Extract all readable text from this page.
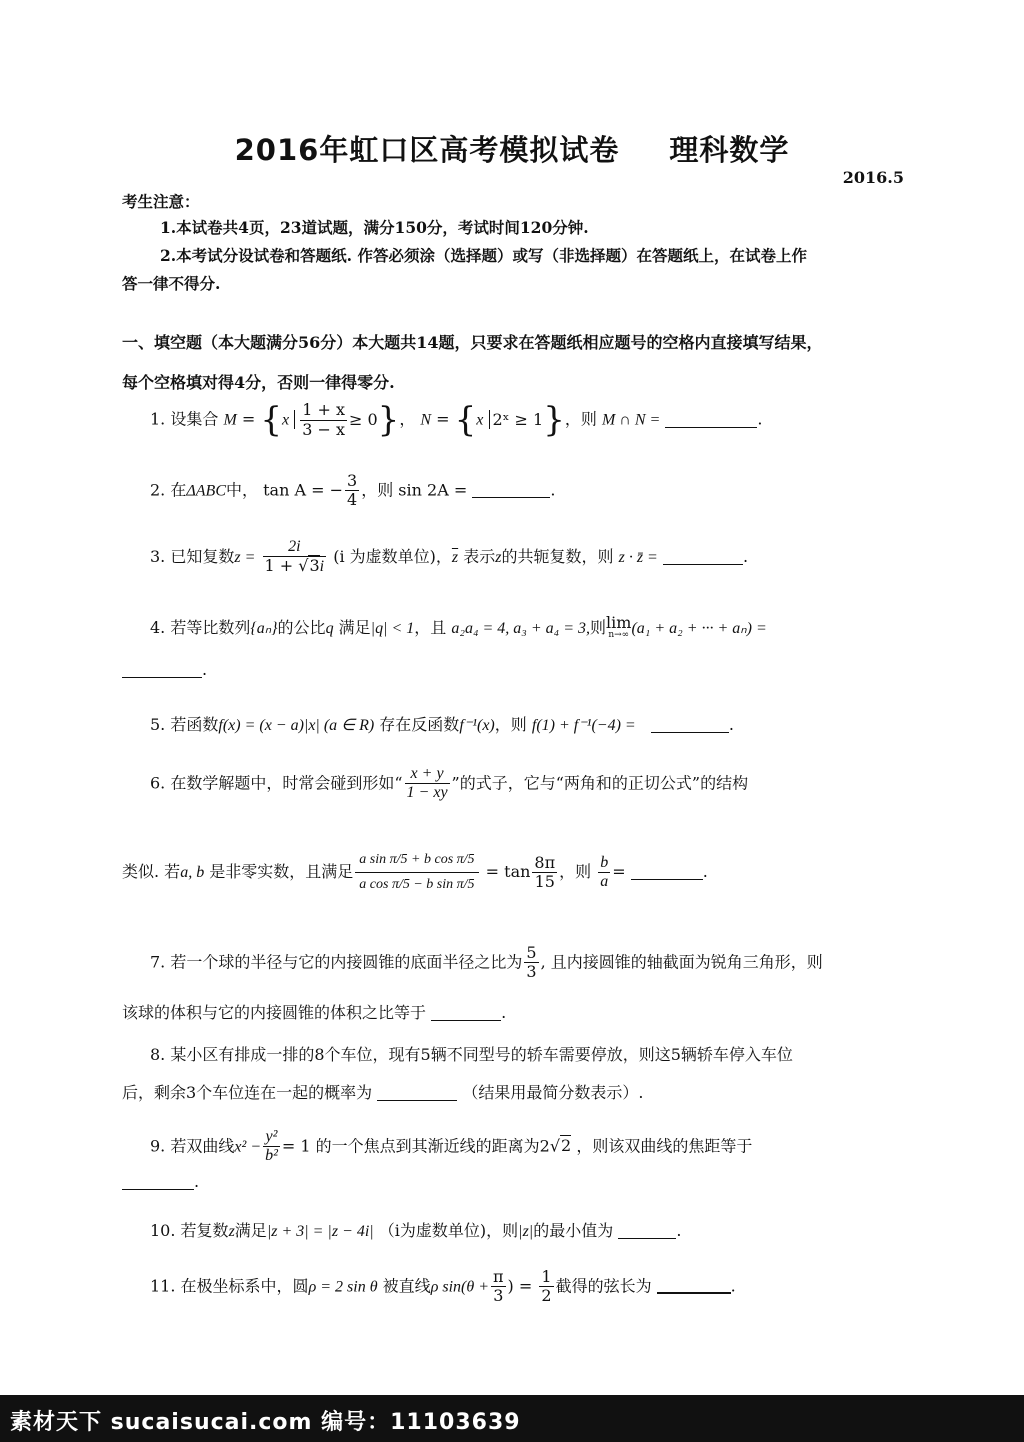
2016年虹口区高考模拟试卷 理科数学
2016.5
考生注意：
1.本试卷共4页，23道试题，满分150分，考试时间120分钟.
2.本考试分设试卷和答题纸. 作答必须涂（选择题）或写（非选择题）在答题纸上，在试卷上作
答一律不得分.
一、填空题（本大题满分56分）本大题共14题，只要求在答题纸相应题号的空格内直接填写结果，
每个空格填对得4分，否则一律得零分.
1. 设集合 $M = \{x \frac{1 + x}{3 - x} \ge 0\}$， N = {x 2ˣ ≥ 1}，则 M ∩ N =	.
2. 在ΔABC中， tan A = − $\frac{3}{4}$ ，则 sin 2A =	.
3. 已知复数$z = \frac{2i}{1 + √3i} (i$ 为虚数单位)，$\overline{z}$ 表示z的共轭复数，则 z · z̄ =	.
4. 若等比数列{aₙ}的公比q 满足|q| < 1，且 a₂a₄ = 4, a₃ + a₄ = 3,则lim
n→∞ (a₁ + a₂ + ··· + aₙ) =
.
5. 若函数f(x) = (x − a)|x| (a ∈ R) 存在反函数f⁻¹(x)，则 f(1) + f⁻¹(−4) =	.
6. 在数学解题中，时常会碰到形如“ $\frac{x + y}{1 - xy}$ ”的式子，它与“两角和的正切公式”的结构
类似. 若a, b 是非零实数，且满足 $\frac{\text{a sin π/5 + b cos π/5}}{\text{a cos π/5 − b sin π/5}} = \tan \frac{8\pi}{15}$ ，则 $\frac{b}{a}$ =	.
7. 若一个球的半径与它的内接圆锥的底面半径之比为 $\frac{5}{3}$ , 且内接圆锥的轴截面为锐角三角形，则
该球的体积与它的内接圆锥的体积之比等于	.
8. 某小区有排成一排的8个车位，现有5辆不同型号的轿车需要停放，则这5辆轿车停入车位
后，剩余3个车位连在一起的概率为	（结果用最简分数表示）.
9. 若双曲线$x^2 - \frac{\text{y²}}{\text{b²}} = 1$ 的一个焦点到其渐近线的距离为2√2 ，则该双曲线的焦距等于
.
10. 若复数z满足|z + 3| = |z − 4i| （i为虚数单位)，则|z|的最小值为	.
11. 在极坐标系中，圆ρ = 2 sin θ 被直线ρ $\sin(\theta + \frac{\pi}{3}$ ) = $\frac{1}{2}$ 截得的弦长为	.
素材天下 sucaisucai.com 编号：11103639
